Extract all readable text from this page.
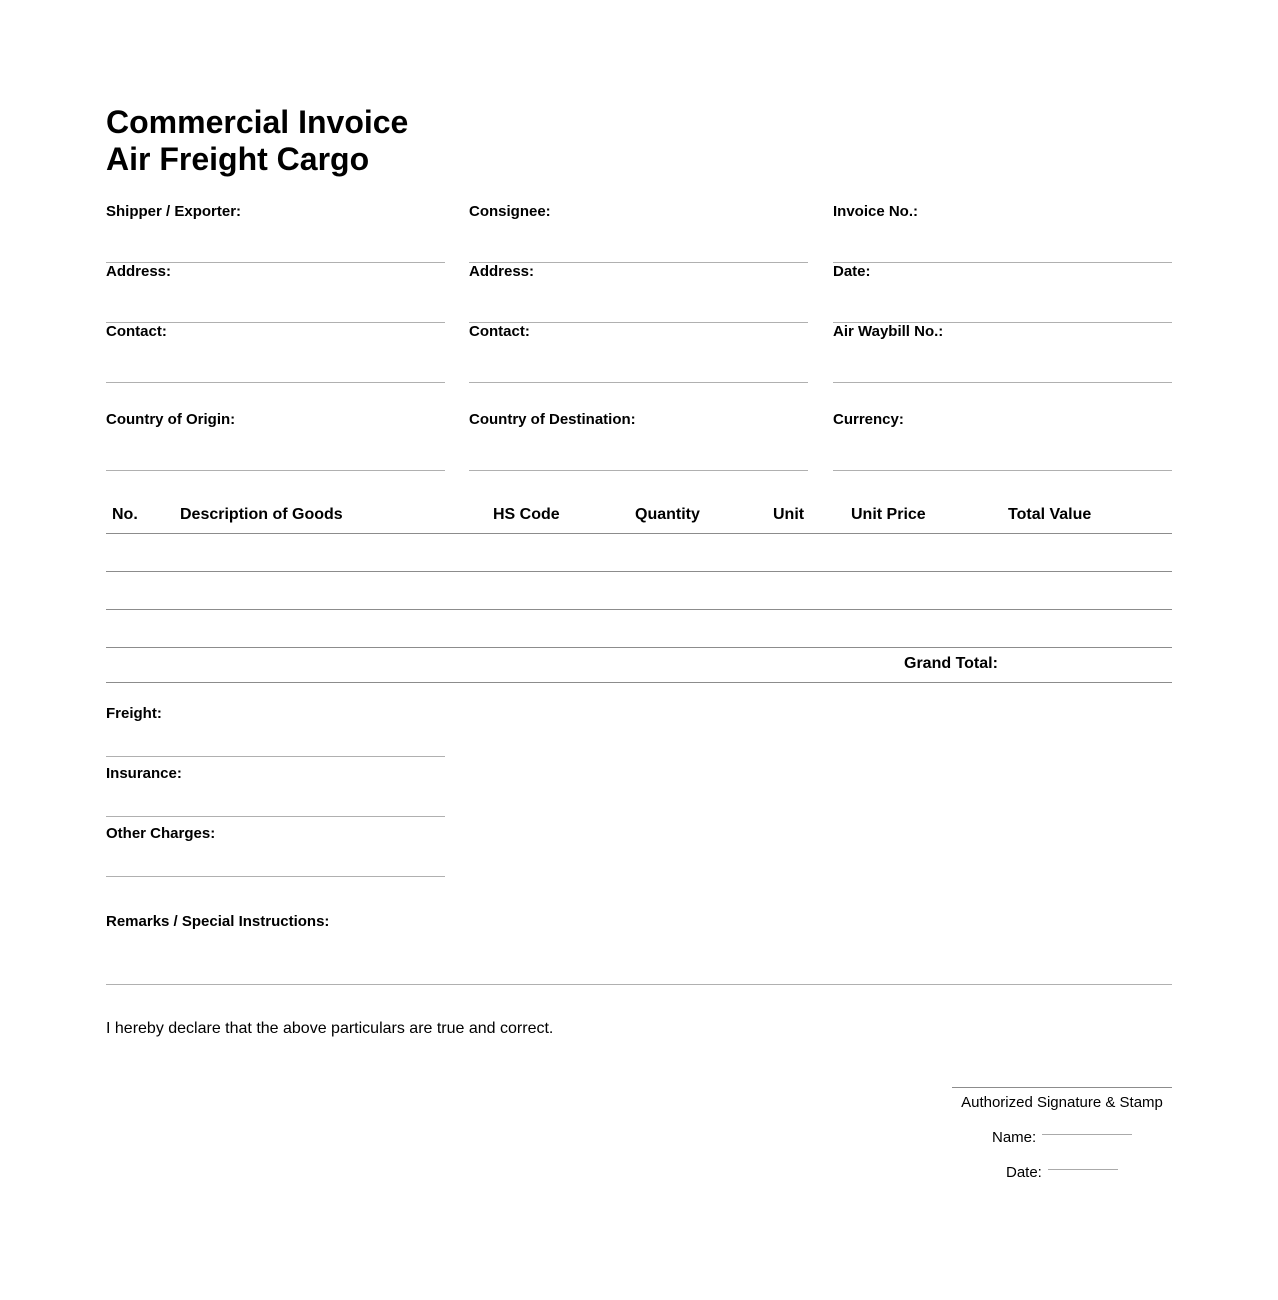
Commercial Invoice
Air Freight Cargo
Shipper / Exporter:	Consignee:	Invoice No.:
Address:	Address:	Date:
Contact:	Contact:	Air Waybill No.:
Country of Origin:	Country of Destination:	Currency:
No.	Description of Goods	HS Code	Quantity	Unit	Unit Price	Total Value
Grand Total:
Freight:
Insurance:
Other Charges:
Remarks / Special Instructions:
I hereby declare that the above particulars are true and correct.
Authorized Signature & Stamp
Name:
Date:
